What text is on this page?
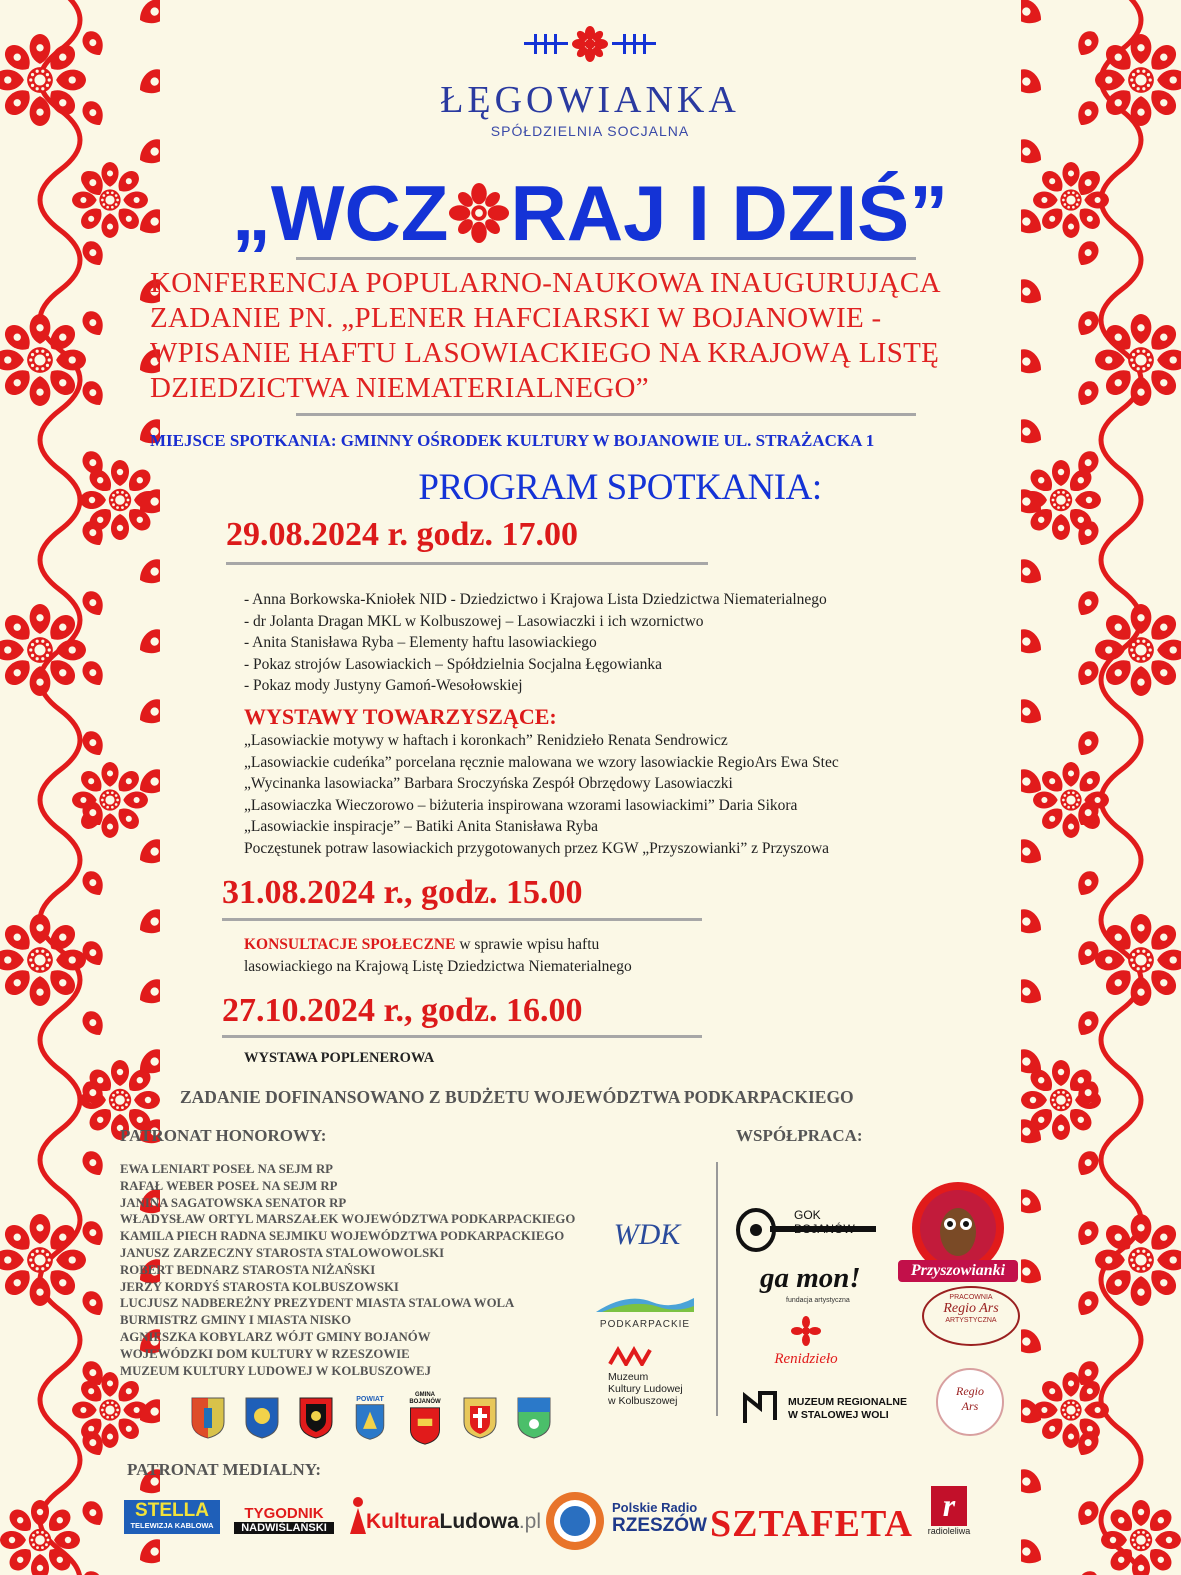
ŁĘGOWIANKA
SPÓŁDZIELNIA SOCJALNA
„WCZ RAJ I DZIŚ”
KONFERENCJA POPULARNO-NAUKOWA INAUGURUJĄCA
ZADANIE PN. „PLENER HAFCIARSKI W BOJANOWIE -
WPISANIE HAFTU LASOWIACKIEGO NA KRAJOWĄ LISTĘ
DZIEDZICTWA NIEMATERIALNEGO”
MIEJSCE SPOTKANIA: GMINNY OŚRODEK KULTURY W BOJANOWIE UL. STRAŻACKA 1
PROGRAM SPOTKANIA:
29.08.2024 r. godz. 17.00
- Anna Borkowska-Kniołek NID - Dziedzictwo i Krajowa Lista Dziedzictwa Niematerialnego
- dr Jolanta Dragan MKL w Kolbuszowej – Lasowiaczki i ich wzornictwo
- Anita Stanisława Ryba – Elementy haftu lasowiackiego
- Pokaz strojów Lasowiackich – Spółdzielnia Socjalna Łęgowianka
- Pokaz mody Justyny Gamoń-Wesołowskiej
WYSTAWY TOWARZYSZĄCE:
„Lasowiackie motywy w haftach i koronkach” Renidzieło Renata Sendrowicz
„Lasowiackie cudeńka” porcelana ręcznie malowana we wzory lasowiackie RegioArs Ewa Stec
„Wycinanka lasowiacka” Barbara Sroczyńska Zespół Obrzędowy Lasowiaczki
„Lasowiaczka Wieczorowo – biżuteria inspirowana wzorami lasowiackimi” Daria Sikora
„Lasowiackie inspiracje” – Batiki Anita Stanisława Ryba
Poczęstunek potraw lasowiackich przygotowanych przez KGW „Przyszowianki” z Przyszowa
31.08.2024 r., godz. 15.00
KONSULTACJE SPOŁECZNE w sprawie wpisu haftu
lasowiackiego na Krajową Listę Dziedzictwa Niematerialnego
27.10.2024 r., godz. 16.00
WYSTAWA POPLENEROWA
ZADANIE DOFINANSOWANO Z BUDŻETU WOJEWÓDZTWA PODKARPACKIEGO
PATRONAT HONOROWY:
EWA LENIART POSEŁ NA SEJM RP
RAFAŁ WEBER POSEŁ NA SEJM RP
JANINA SAGATOWSKA SENATOR RP
WŁADYSŁAW ORTYL MARSZAŁEK WOJEWÓDZTWA PODKARPACKIEGO
KAMILA PIECH RADNA SEJMIKU WOJEWÓDZTWA PODKARPACKIEGO
JANUSZ ZARZECZNY STAROSTA STALOWOWOLSKI
ROBERT BEDNARZ STAROSTA NIŻAŃSKI
JERZY KORDYŚ STAROSTA KOLBUSZOWSKI
LUCJUSZ NADBEREŻNY PREZYDENT MIASTA STALOWA WOLA
BURMISTRZ GMINY I MIASTA NISKO
AGNIESZKA KOBYLARZ WÓJT GMINY BOJANÓW
WOJEWÓDZKI DOM KULTURY W RZESZOWIE
MUZEUM KULTURY LUDOWEJ W KOLBUSZOWEJ
WSPÓŁPRACA:
WDK
PODKARPACKIE
Muzeum
Kultury Ludowej
w Kolbuszowej
GOK BOJANÓW
ga mon!
fundacja artystyczna
Przyszowianki
PRACOWNIA
Regio Ars
ARTYSTYCZNA
Renidzieło
MUZEUM REGIONALNE
W STALOWEJ WOLI
Regio
Ars
POWIAT
GMINA BOJANÓW
PATRONAT MEDIALNY:
STELLA
TELEWIZJA KABLOWA
TYGODNIK
NADWIŚLAŃSKI	KulturaLudowa.pl
Polskie Radio
RZESZÓW SZTAFETA r
radioleliwa
